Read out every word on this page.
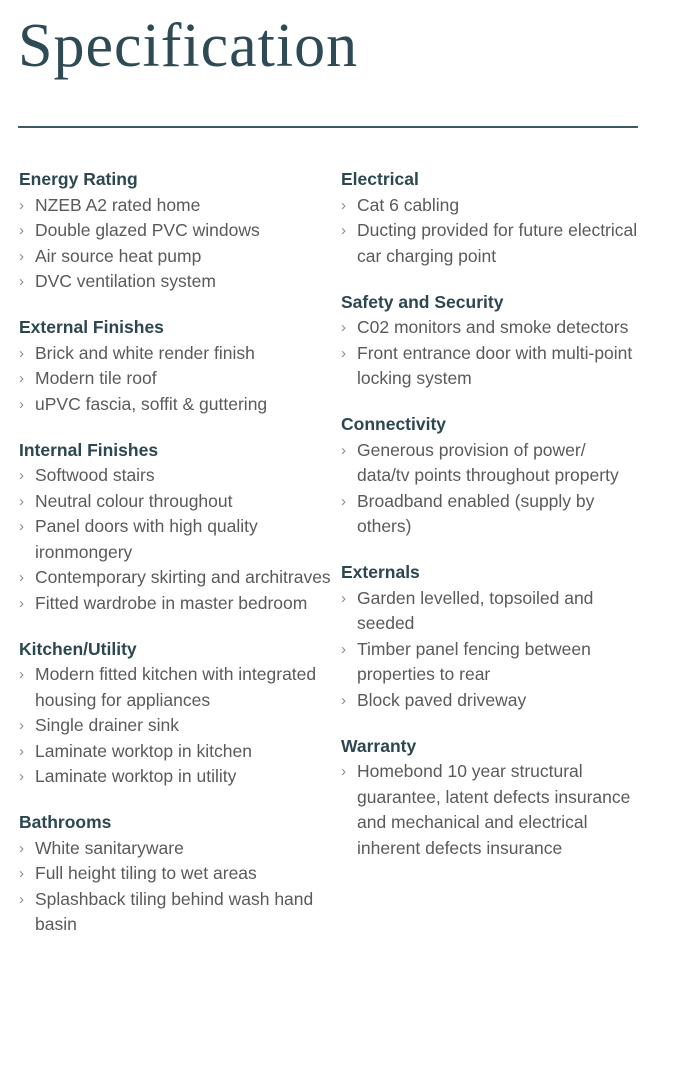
Specification
Energy Rating
› NZEB A2 rated home
› Double glazed PVC windows
› Air source heat pump
› DVC ventilation system
External Finishes
› Brick and white render finish
› Modern tile roof
› uPVC fascia, soffit & guttering
Internal Finishes
› Softwood stairs
› Neutral colour throughout
› Panel doors with high quality ironmongery
› Contemporary skirting and architraves
› Fitted wardrobe in master bedroom
Kitchen/Utility
› Modern fitted kitchen with integrated housing for appliances
› Single drainer sink
› Laminate worktop in kitchen
› Laminate worktop in utility
Bathrooms
› White sanitaryware
› Full height tiling to wet areas
› Splashback tiling behind wash hand basin
Electrical
› Cat 6 cabling
› Ducting provided for future electrical car charging point
Safety and Security
› C02 monitors and smoke detectors
› Front entrance door with multi-point locking system
Connectivity
› Generous provision of power/ data/tv points throughout property
› Broadband enabled (supply by others)
Externals
› Garden levelled, topsoiled and seeded
› Timber panel fencing between properties to rear
› Block paved driveway
Warranty
› Homebond 10 year structural guarantee, latent defects insurance and mechanical and electrical inherent defects insurance
